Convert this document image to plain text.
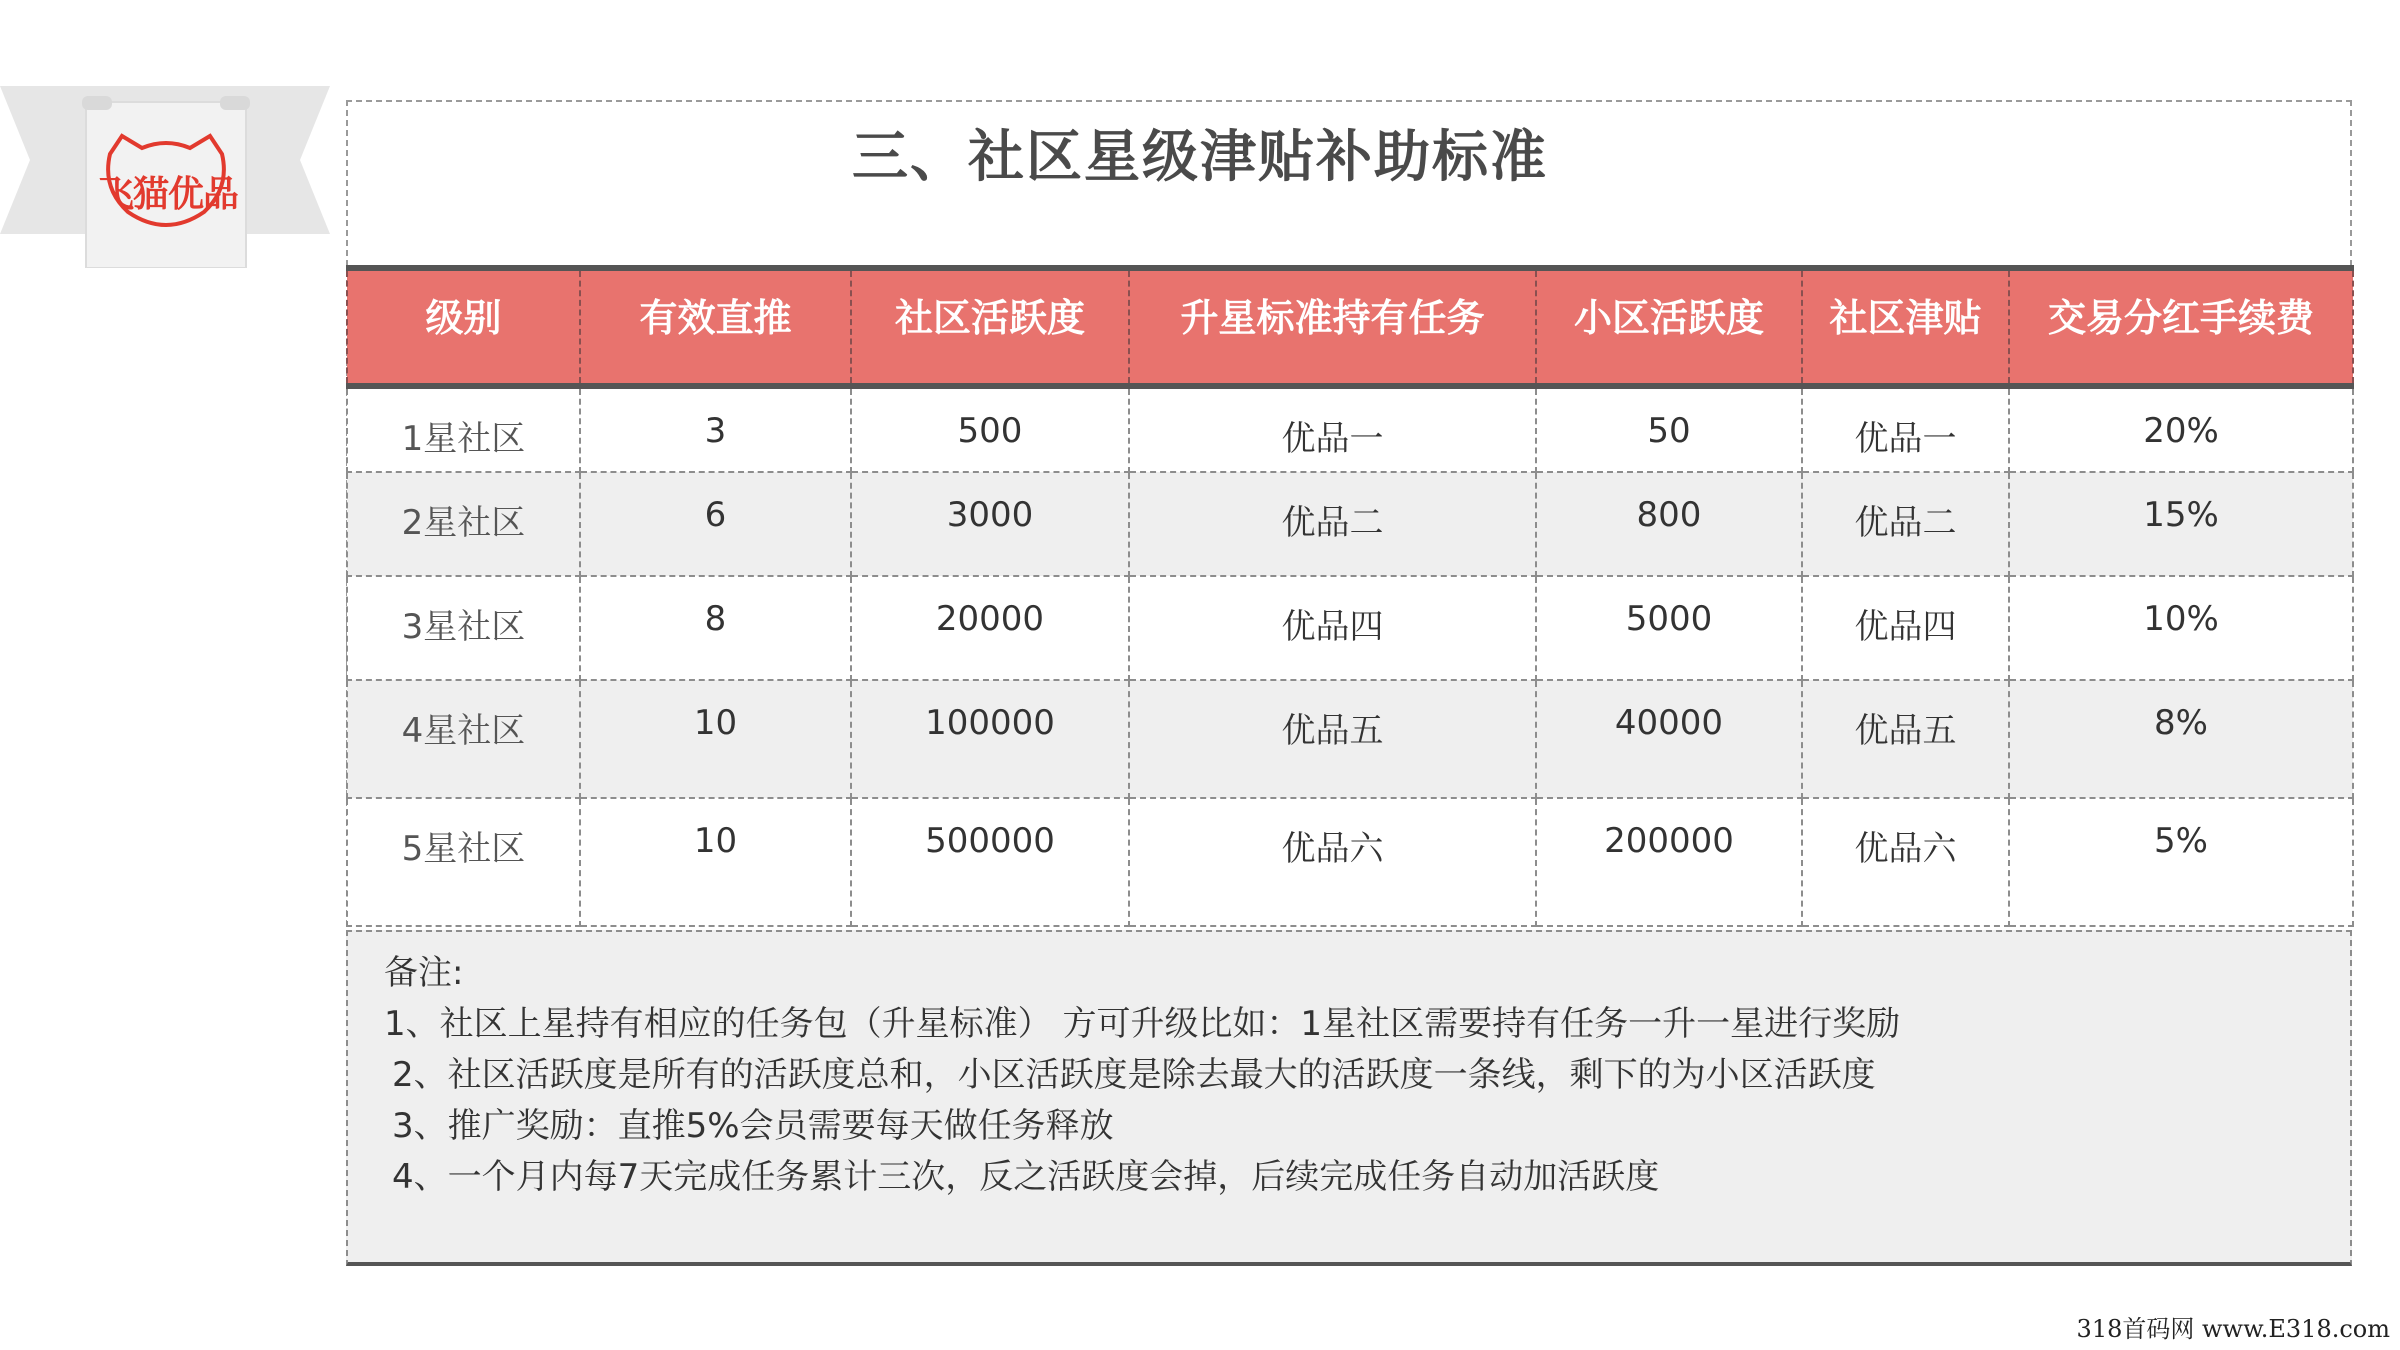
飞猫优品
三、社区星级津贴补助标准
级别	有效直推	社区活跃度	升星标准持有任务	小区活跃度	社区津贴	交易分红手续费
1星社区	3	500	优品一	50	优品一	20%
2星社区	6	3000	优品二	800	优品二	15%
3星社区	8	20000	优品四	5000	优品四	10%
4星社区	10	100000	优品五	40000	优品五	8%
5星社区	10	500000	优品六	200000	优品六	5%
备注:
1、社区上星持有相应的任务包（升星标准） 方可升级比如：1星社区需要持有任务一升一星进行奖励
2、社区活跃度是所有的活跃度总和，小区活跃度是除去最大的活跃度一条线，剩下的为小区活跃度
3、推广奖励：直推5%会员需要每天做任务释放
4、一个月内每7天完成任务累计三次，反之活跃度会掉，后续完成任务自动加活跃度
318首码网 www.E318.com
